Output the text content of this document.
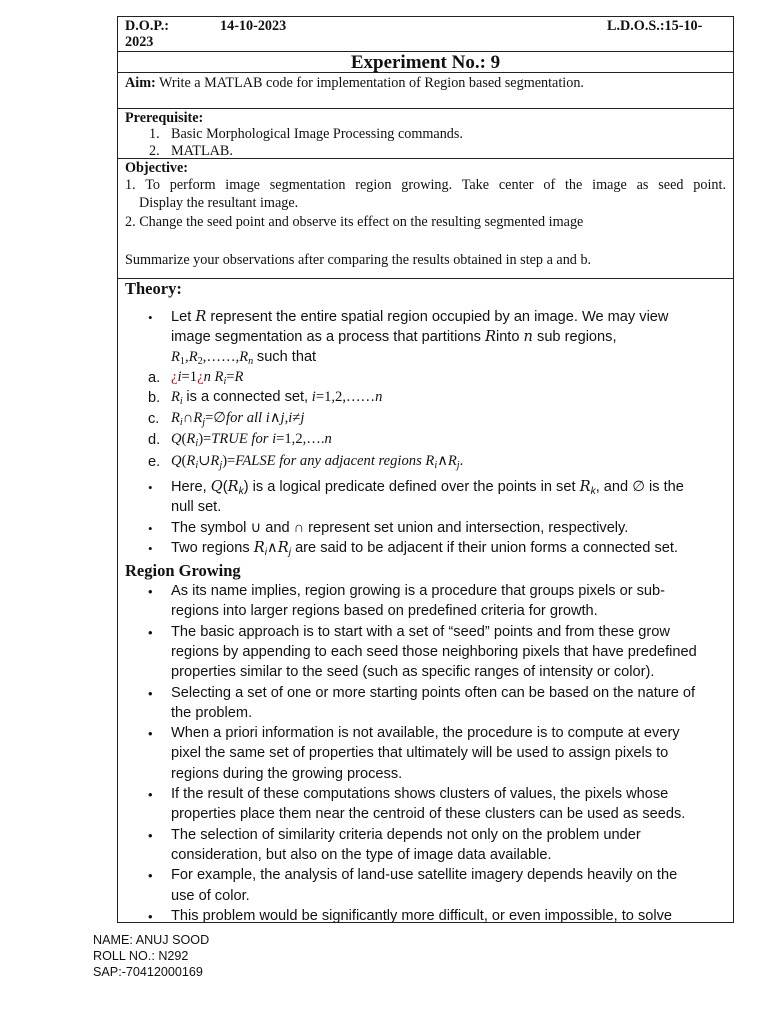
D.O.P.:	14-10-2023	L.D.O.S.:15-10-
2023
Experiment No.: 9
Aim: Write a MATLAB code for implementation of Region based segmentation.
Prerequisite:
1. Basic Morphological Image Processing commands.
2. MATLAB.
Objective:
1. To perform image segmentation region growing. Take center of the image as seed point.
Display the resultant image.
2. Change the seed point and observe its effect on the resulting segmented image
Summarize your observations after comparing the results obtained in step a and b.
Theory:
• Let R represent the entire spatial region occupied by an image. We may view
image segmentation as a process that partitions Rinto n sub regions,
$R_1,R_2,\dots\dots,R_n$ such that
a. ¿i=1¿n $R_i=R$
b. $R_i$ is a connected set, i=1,2,……n
c. $R_i\cap R_j=\emptyset for$ all i∧j,i≠j
d. $Q(R_i)=TRUE$ for i=1,2,….n
e. $Q(R_i\cup R_j)=FALSE$ for any adjacent regions $R_i\wedge R_j$.
• Here, $Q(R_k)$ is a logical predicate defined over the points in set $R_k$, and ∅ is the
null set.
• The symbol ∪ and ∩ represent set union and intersection, respectively.
• Two regions $R_i\wedge R_j$ are said to be adjacent if their union forms a connected set.
Region Growing
• As its name implies, region growing is a procedure that groups pixels or sub-
regions into larger regions based on predefined criteria for growth.
• The basic approach is to start with a set of “seed” points and from these grow
regions by appending to each seed those neighboring pixels that have predefined
properties similar to the seed (such as specific ranges of intensity or color).
• Selecting a set of one or more starting points often can be based on the nature of
the problem.
• When a priori information is not available, the procedure is to compute at every
pixel the same set of properties that ultimately will be used to assign pixels to
regions during the growing process.
• If the result of these computations shows clusters of values, the pixels whose
properties place them near the centroid of these clusters can be used as seeds.
• The selection of similarity criteria depends not only on the problem under
consideration, but also on the type of image data available.
• For example, the analysis of land-use satellite imagery depends heavily on the
use of color.
• This problem would be significantly more difficult, or even impossible, to solve
NAME: ANUJ SOOD
ROLL NO.: N292
SAP:-70412000169
